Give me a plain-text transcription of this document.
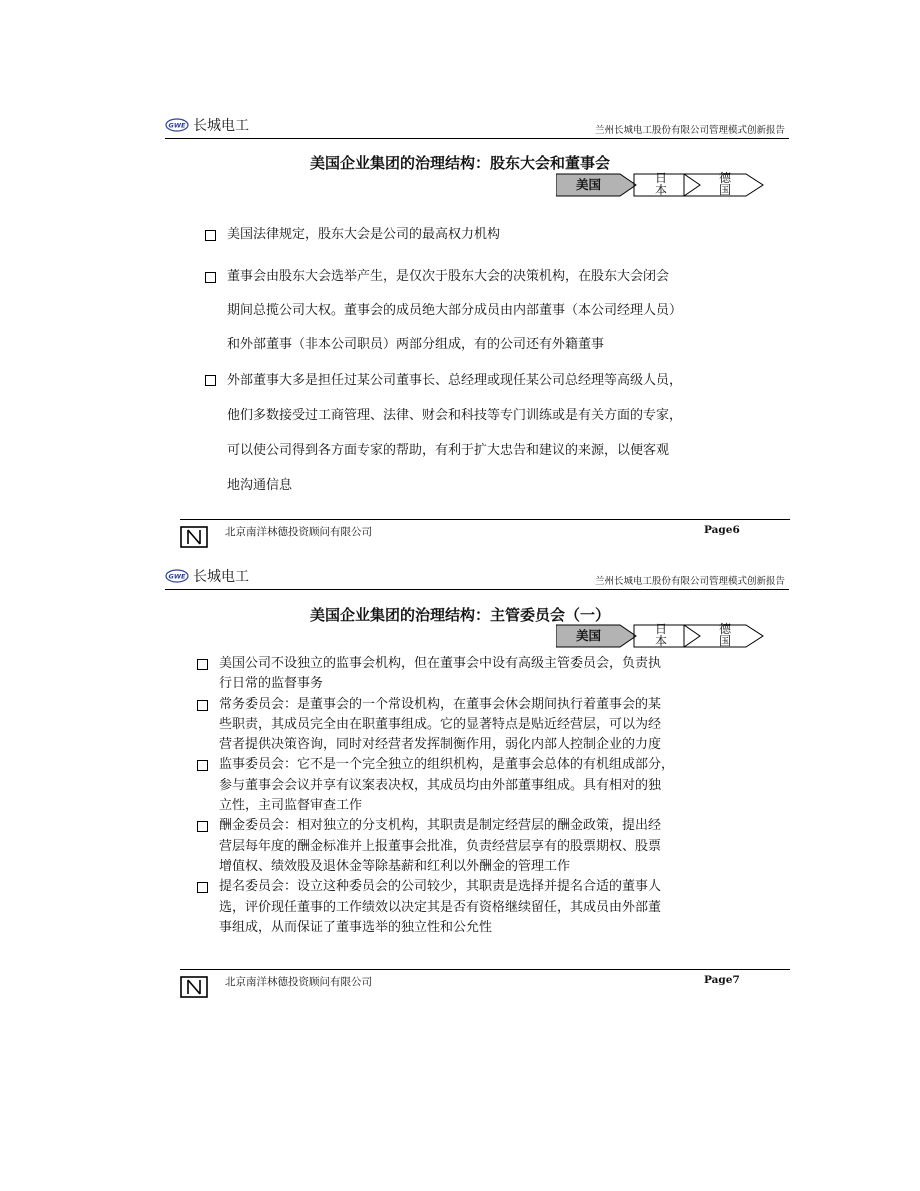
GWE 长城电工	兰州长城电工股份有限公司管理模式创新报告
美国企业集团的治理结构：股东大会和董事会
美国	日
本
德
国
美国法律规定，股东大会是公司的最高权力机构
董事会由股东大会选举产生，是仅次于股东大会的决策机构，在股东大会闭会
期间总揽公司大权。董事会的成员绝大部分成员由内部董事（本公司经理人员）
和外部董事（非本公司职员）两部分组成，有的公司还有外籍董事
外部董事大多是担任过某公司董事长、总经理或现任某公司总经理等高级人员，
他们多数接受过工商管理、法律、财会和科技等专门训练或是有关方面的专家，
可以使公司得到各方面专家的帮助，有利于扩大忠告和建议的来源，以便客观
地沟通信息
北京南洋林德投资顾问有限公司	Page6
GWE 长城电工	兰州长城电工股份有限公司管理模式创新报告
美国企业集团的治理结构：主管委员会（一）
美国	日
本
德
国
美国公司不设独立的监事会机构，但在董事会中设有高级主管委员会，负责执
行日常的监督事务
常务委员会：是董事会的一个常设机构，在董事会休会期间执行着董事会的某
些职责，其成员完全由在职董事组成。它的显著特点是贴近经营层，可以为经
营者提供决策咨询，同时对经营者发挥制衡作用，弱化内部人控制企业的力度
监事委员会：它不是一个完全独立的组织机构，是董事会总体的有机组成部分，
参与董事会会议并享有议案表决权，其成员均由外部董事组成。具有相对的独
立性，主司监督审查工作
酬金委员会：相对独立的分支机构，其职责是制定经营层的酬金政策，提出经
营层每年度的酬金标准并上报董事会批准，负责经营层享有的股票期权、股票
增值权、绩效股及退休金等除基薪和红利以外酬金的管理工作
提名委员会：设立这种委员会的公司较少，其职责是选择并提名合适的董事人
选，评价现任董事的工作绩效以决定其是否有资格继续留任，其成员由外部董
事组成，从而保证了董事选举的独立性和公允性
北京南洋林德投资顾问有限公司	Page7
